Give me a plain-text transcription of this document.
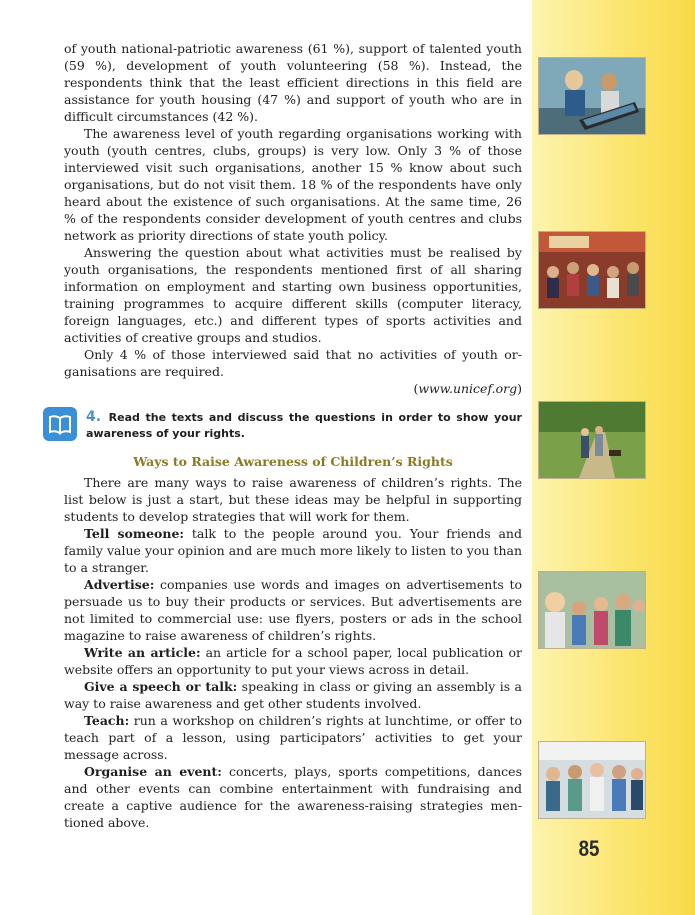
of youth national-patriotic awareness (61 %), support of talented youth (59 %), development of youth volunteering (58 %). Instead, the respondents think that the least efficient directions in this field are assistance for youth housing (47 %) and support of youth who are in difficult circumstances (42 %).

The awareness level of youth regarding organisations working with youth (youth centres, clubs, groups) is very low. Only 3 % of those interviewed visit such organisations, another 15 % know about such organisations, but do not visit them. 18 % of the respondents have only heard about the existence of such organisations. At the same time, 26 % of the respondents consider development of youth centres and clubs network as priority directions of state youth policy.

Answering the question about what activities must be realised by youth organisations, the respondents mentioned first of all sharing information on employment and starting own business opportunities, training programmes to acquire different skills (computer literacy, foreign languages, etc.) and different types of sports activities and activities of creative groups and studios.

Only 4 % of those interviewed said that no activities of youth organisations are required.

(www.unicef.org)

4. Read the texts and discuss the questions in order to show your awareness of your rights.
Ways to Raise Awareness of Children’s Rights

There are many ways to raise awareness of children’s rights. The list below is just a start, but these ideas may be helpful in supporting students to develop strategies that will work for them.

Tell someone: talk to the people around you. Your friends and family value your opinion and are much more likely to listen to you than to a stranger.

Advertise: companies use words and images on advertisements to persuade us to buy their products or services. But advertisements are not limited to commercial use: use flyers, posters or ads in the school magazine to raise awareness of children’s rights.

Write an article: an article for a school paper, local publication or website offers an opportunity to put your views across in detail.

Give a speech or talk: speaking in class or giving an assembly is a way to raise awareness and get other students involved.

Teach: run a workshop on children’s rights at lunchtime, or offer to teach part of a lesson, using participators’ activities to get your message across.

Organise an event: concerts, plays, sports competitions, dances and other events can combine entertainment with fundraising and create a captive audience for the awareness-raising strategies mentioned above.

85
